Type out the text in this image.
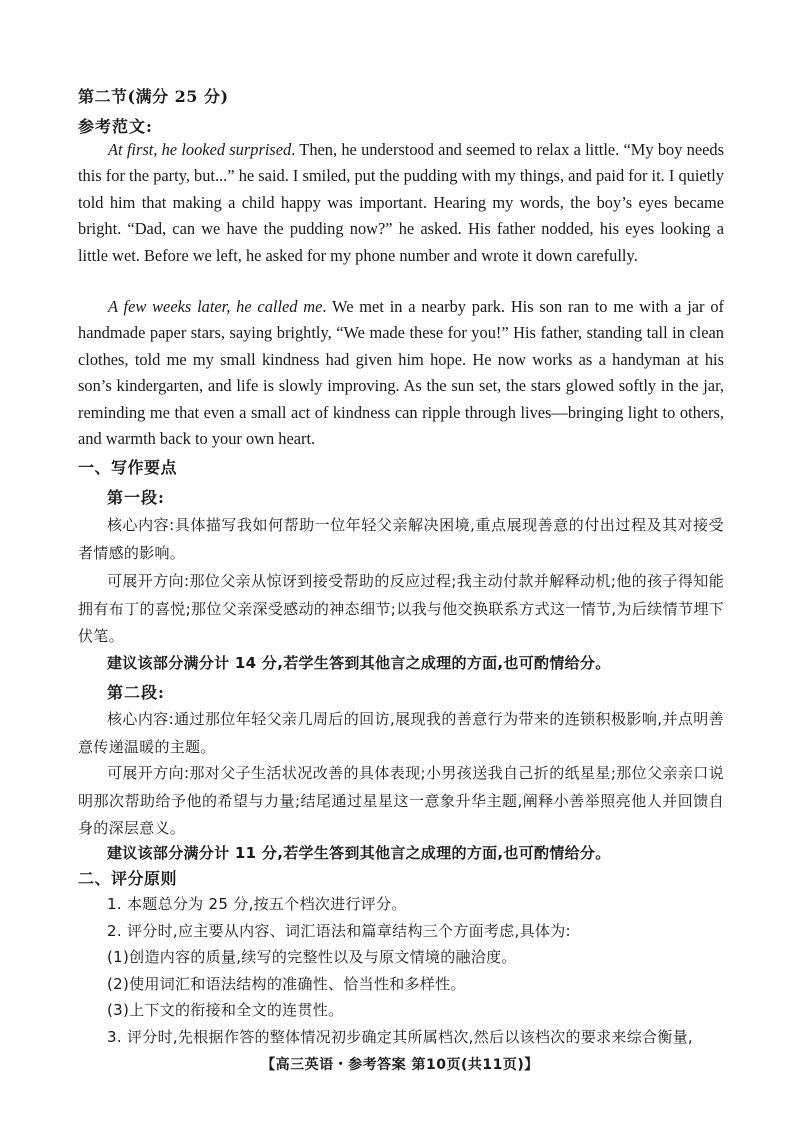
第二节(满分 25 分)
参考范文:

At first, he looked surprised. Then, he understood and seemed to relax a little. “My boy needs this for the party, but...” he said. I smiled, put the pudding with my things, and paid for it. I quietly told him that making a child happy was important. Hearing my words, the boy’s eyes became bright. “Dad, can we have the pudding now?” he asked. His father nodded, his eyes looking a little wet. Before we left, he asked for my phone number and wrote it down carefully.

A few weeks later, he called me. We met in a nearby park. His son ran to me with a jar of handmade paper stars, saying brightly, “We made these for you!” His father, standing tall in clean clothes, told me my small kindness had given him hope. He now works as a handyman at his son’s kindergarten, and life is slowly improving. As the sun set, the stars glowed softly in the jar, reminding me that even a small act of kindness can ripple through lives—bringing light to others, and warmth back to your own heart.

一、写作要点
第一段:

核心内容:具体描写我如何帮助一位年轻父亲解决困境,重点展现善意的付出过程及其对接受者情感的影响。

可展开方向:那位父亲从惊讶到接受帮助的反应过程;我主动付款并解释动机;他的孩子得知能拥有布丁的喜悦;那位父亲深受感动的神态细节;以我与他交换联系方式这一情节,为后续情节埋下伏笔。

建议该部分满分计 14 分,若学生答到其他言之成理的方面,也可酌情给分。

第二段:

核心内容:通过那位年轻父亲几周后的回访,展现我的善意行为带来的连锁积极影响,并点明善意传递温暖的主题。

可展开方向:那对父子生活状况改善的具体表现;小男孩送我自己折的纸星星;那位父亲亲口说明那次帮助给予他的希望与力量;结尾通过星星这一意象升华主题,阐释小善举照亮他人并回馈自身的深层意义。

建议该部分满分计 11 分,若学生答到其他言之成理的方面,也可酌情给分。

二、评分原则

1. 本题总分为 25 分,按五个档次进行评分。

2. 评分时,应主要从内容、词汇语法和篇章结构三个方面考虑,具体为:

(1)创造内容的质量,续写的完整性以及与原文情境的融洽度。

(2)使用词汇和语法结构的准确性、恰当性和多样性。

(3)上下文的衔接和全文的连贯性。

3. 评分时,先根据作答的整体情况初步确定其所属档次,然后以该档次的要求来综合衡量,

【高三英语・参考答案 第10页(共11页)】
